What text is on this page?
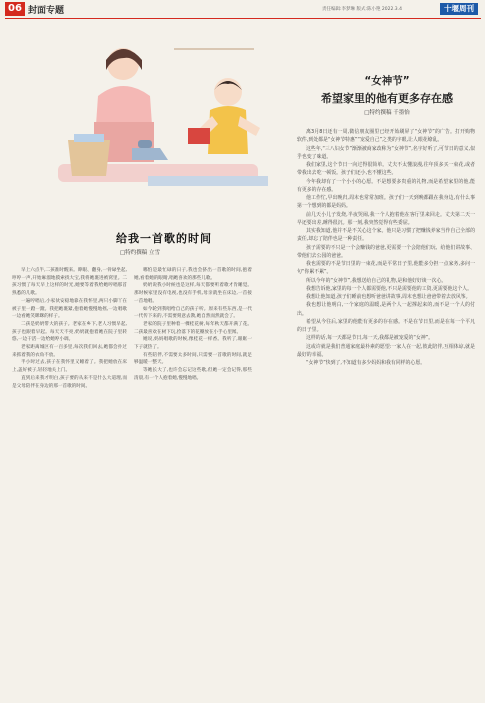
06 封面专题	责任编辑:李梦琳 版式:陈小艳 2022.3.4	十堰周刊
给我一首歌的时间
□特约撰稿 立雪
“女神节”
希望家里的他有更多存在感
□特约撰稿 千墨怡

早上六点半,二孩准时醒来。睁眼、翻身,一骨碌坐起,哼哼一声,开始麻溜地摸索找大宝,我将她裹进被窝里。二孩习惯了每天早上这样的时光,她要等着我给她哼唱那首熟悉的儿歌。

一遍哼唱后,小家伙安稳地靠在我怀里,两只小脚丫在被子里一蹬一蹬。我把她裹紧,抱着她慢慢地摇,一边唱歌一边看她笑眯眯的样子。

二孩是奶奶带大的孩子。老家在乡下,老人习惯早起,孩子也跟着早起。每天天不亮,奶奶就抱着她在院子里转悠,一边干活一边给她哼小调。

老家距离城区有一百多里,每次我们回去,她都会扑过来抓着我的衣角不放。

半小时过去,孩子在我怀里又睡着了。我把她放在床上,盖好被子,轻轻地关上门。

直到后来我才明白,孩子要的从来不是什么大道理,而是父母陪伴在身边的那一首歌的时间。

哪怕是最忙碌的日子,我也会挤出一首歌的时间,抱着她,看着她的眼睛,唱她喜欢的那些儿歌。

奶奶说我小时候也是这样,每天都要听着歌才肯睡觉。那时候家里没有电视,也没有手机,母亲就坐在床边,一首接一首地唱。

如今轮到我唱给自己的孩子听。原来有些东西,是一代一代传下来的,不需要刻意去教,她自然而然就会了。

老家的院子里种着一棵桂花树,每年秋天都开满了花。二孩最喜欢在树下玩,捡落下的花瓣放在小手心里闻。

她说,妈妈唱歌的时候,像桂花一样香。我听了,眼眶一下子就热了。

有些陪伴,不需要太多时间,只需要一首歌的时间,就足够温暖一整天。

等她长大了,也许会忘记这些歌,但她一定会记得,那些清晨,有一个人抱着她,慢慢地唱。

离3月8日还有一周,微信朋友圈里已经开始刷屏了“女神节”的广告。打开购物软件,到处都是“女神节特惠”“宠爱自己”之类的字眼,让人眼花缭乱。

这些年,“三八妇女节”渐渐被商家改称为“女神节”,名字好听了,可节日的意义,似乎也变了味道。

我们家里,这个节日一向过得很简单。丈夫不太懂浪漫,往年顶多买一束花,或者带我出去吃一顿饭。孩子们还小,也不懂这些。

今年我却有了一个小小的心愿。不是想要多贵重的礼物,而是希望家里的他,能有更多的存在感。

他工作忙,早出晚归,周末也常常加班。孩子们一天到晚都跟在我身边,有什么事第一个想到的都是妈妈。

前几天小儿子发烧,半夜哭闹,我一个人抱着他在客厅里来回走。丈夫第二天一早还要出差,睡得很沉。那一刻,我突然觉得有些委屈。

其实我知道,他并不是不关心这个家。他只是习惯了把赚钱养家当作自己全部的责任,却忘了陪伴也是一种责任。

孩子需要的不只是一个会赚钱的爸爸,更需要一个会陪他们玩、给他们讲故事、带他们去公园的爸爸。

我也需要的不是节日里的一束花,而是平常日子里,他能多分担一点家务,多问一句“你累不累”。

所以今年的“女神节”,我想送给自己的礼物,是和他好好谈一次心。

我想告诉他,家里的每一个人都需要他,不只是需要他的工资,更需要他这个人。

我想让他知道,孩子们睡前也想听爸爸讲故事,周末也想让爸爸带着去放风筝。

我也想让他明白,一个家庭的温暖,是两个人一起撑起来的,而不是一个人的付出。

希望从今往后,家里的他能有更多的存在感。不是在节日里,而是在每一个平凡的日子里。

这样的话,每一天都是节日,每一天,我都是被宠爱的“女神”。

这或许就是我们普通家庭最朴素的愿望:一家人在一起,彼此陪伴,互相体谅,就是最好的幸福。

“女神节”快到了,不知道有多少妈妈和我有同样的心愿。
